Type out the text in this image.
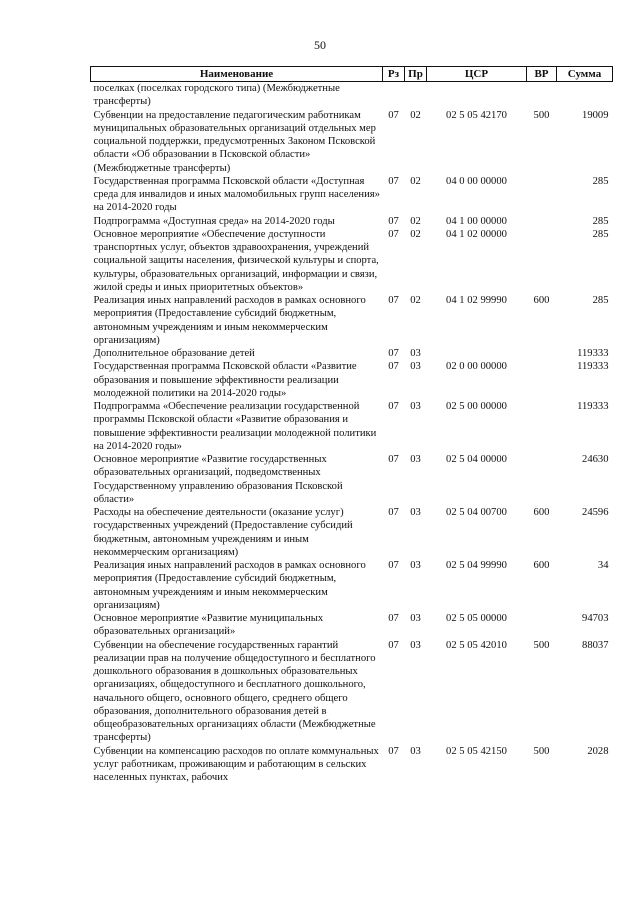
50
Наименование	Рз	Пр	ЦСР	ВР	Сумма
поселках (поселках городского типа) (Межбюджетные трансферты)					
Субвенции на предоставление педагогическим работникам муниципальных образовательных организаций отдельных мер социальной поддержки, предусмотренных Законом Псковской области «Об образовании в Псковской области» (Межбюджетные трансферты)	07	02	02 5 05 42170	500	19009
Государственная программа Псковской области «Доступная среда для инвалидов и иных маломобильных групп населения» на 2014-2020 годы	07	02	04 0 00 00000		285
Подпрограмма «Доступная среда» на 2014-2020 годы	07	02	04 1 00 00000		285
Основное мероприятие «Обеспечение доступности транспортных услуг, объектов здравоохранения, учреждений социальной защиты населения, физической культуры и спорта, культуры, образовательных организаций, информации и связи, жилой среды и иных приоритетных объектов»	07	02	04 1 02 00000		285
Реализация иных направлений расходов в рамках основного мероприятия (Предоставление субсидий бюджетным, автономным учреждениям и иным некоммерческим организациям)	07	02	04 1 02 99990	600	285
Дополнительное образование детей	07	03			119333
Государственная программа Псковской области «Развитие образования и повышение эффективности реализации молодежной политики на 2014-2020 годы»	07	03	02 0 00 00000		119333
Подпрограмма «Обеспечение реализации государственной программы Псковской области «Развитие образования и повышение эффективности реализации молодежной политики на 2014-2020 годы»	07	03	02 5 00 00000		119333
Основное мероприятие «Развитие государственных образовательных организаций, подведомственных Государственному управлению образования Псковской области»	07	03	02 5 04 00000		24630
Расходы на обеспечение деятельности (оказание услуг) государственных учреждений (Предоставление субсидий бюджетным, автономным учреждениям и иным некоммерческим организациям)	07	03	02 5 04 00700	600	24596
Реализация иных направлений расходов в рамках основного мероприятия (Предоставление субсидий бюджетным, автономным учреждениям и иным некоммерческим организациям)	07	03	02 5 04 99990	600	34
Основное мероприятие «Развитие муниципальных образовательных организаций»	07	03	02 5 05 00000		94703
Субвенции на обеспечение государственных гарантий реализации прав на получение общедоступного и бесплатного дошкольного образования в дошкольных образовательных организациях, общедоступного и бесплатного дошкольного, начального общего, основного общего, среднего общего образования, дополнительного образования детей в общеобразовательных организациях области (Межбюджетные трансферты)	07	03	02 5 05 42010	500	88037
Субвенции на компенсацию расходов по оплате коммунальных услуг работникам, проживающим и работающим в сельских населенных пунктах, рабочих	07	03	02 5 05 42150	500	2028
